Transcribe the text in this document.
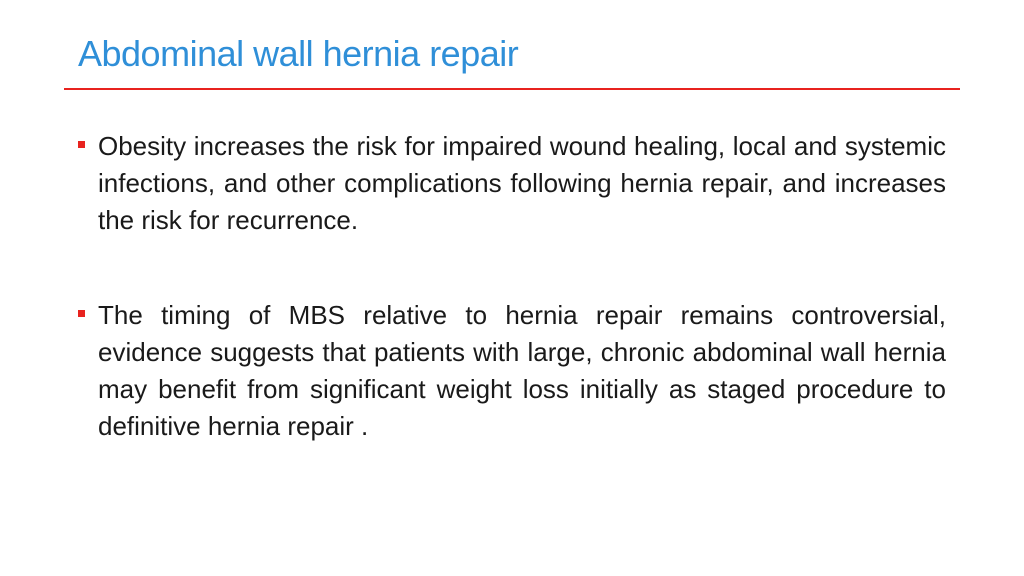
Abdominal wall hernia repair
Obesity increases the risk for impaired wound healing, local and systemic infections, and other complications following hernia repair, and increases the risk for recurrence.
The timing of MBS relative to hernia repair remains controversial, evidence suggests that patients with large, chronic abdominal wall hernia may benefit from significant weight loss initially as staged procedure to definitive hernia repair .
